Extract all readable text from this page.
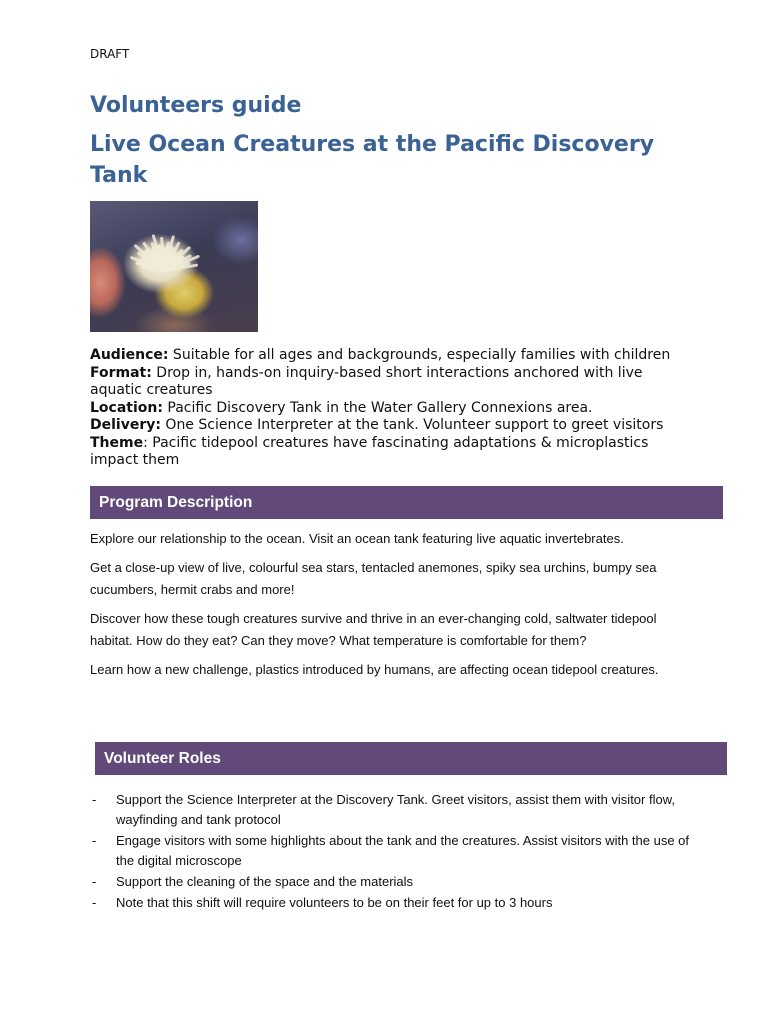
DRAFT
Volunteers guide
Live Ocean Creatures at the Pacific Discovery Tank

Audience: Suitable for all ages and backgrounds, especially families with children

Format: Drop in, hands-on inquiry-based short interactions anchored with live aquatic creatures

Location: Pacific Discovery Tank in the Water Gallery Connexions area.

Delivery: One Science Interpreter at the tank. Volunteer support to greet visitors

Theme: Pacific tidepool creatures have fascinating adaptations & microplastics impact them

Program Description

Explore our relationship to the ocean. Visit an ocean tank featuring live aquatic invertebrates.

Get a close-up view of live, colourful sea stars, tentacled anemones, spiky sea urchins, bumpy sea cucumbers, hermit crabs and more!

Discover how these tough creatures survive and thrive in an ever-changing cold, saltwater tidepool habitat. How do they eat? Can they move? What temperature is comfortable for them?

Learn how a new challenge, plastics introduced by humans, are affecting ocean tidepool creatures.

Volunteer Roles
- Support the Science Interpreter at the Discovery Tank. Greet visitors, assist them with visitor flow, wayfinding and tank protocol
- Engage visitors with some highlights about the tank and the creatures. Assist visitors with the use of the digital microscope
- Support the cleaning of the space and the materials
- Note that this shift will require volunteers to be on their feet for up to 3 hours
